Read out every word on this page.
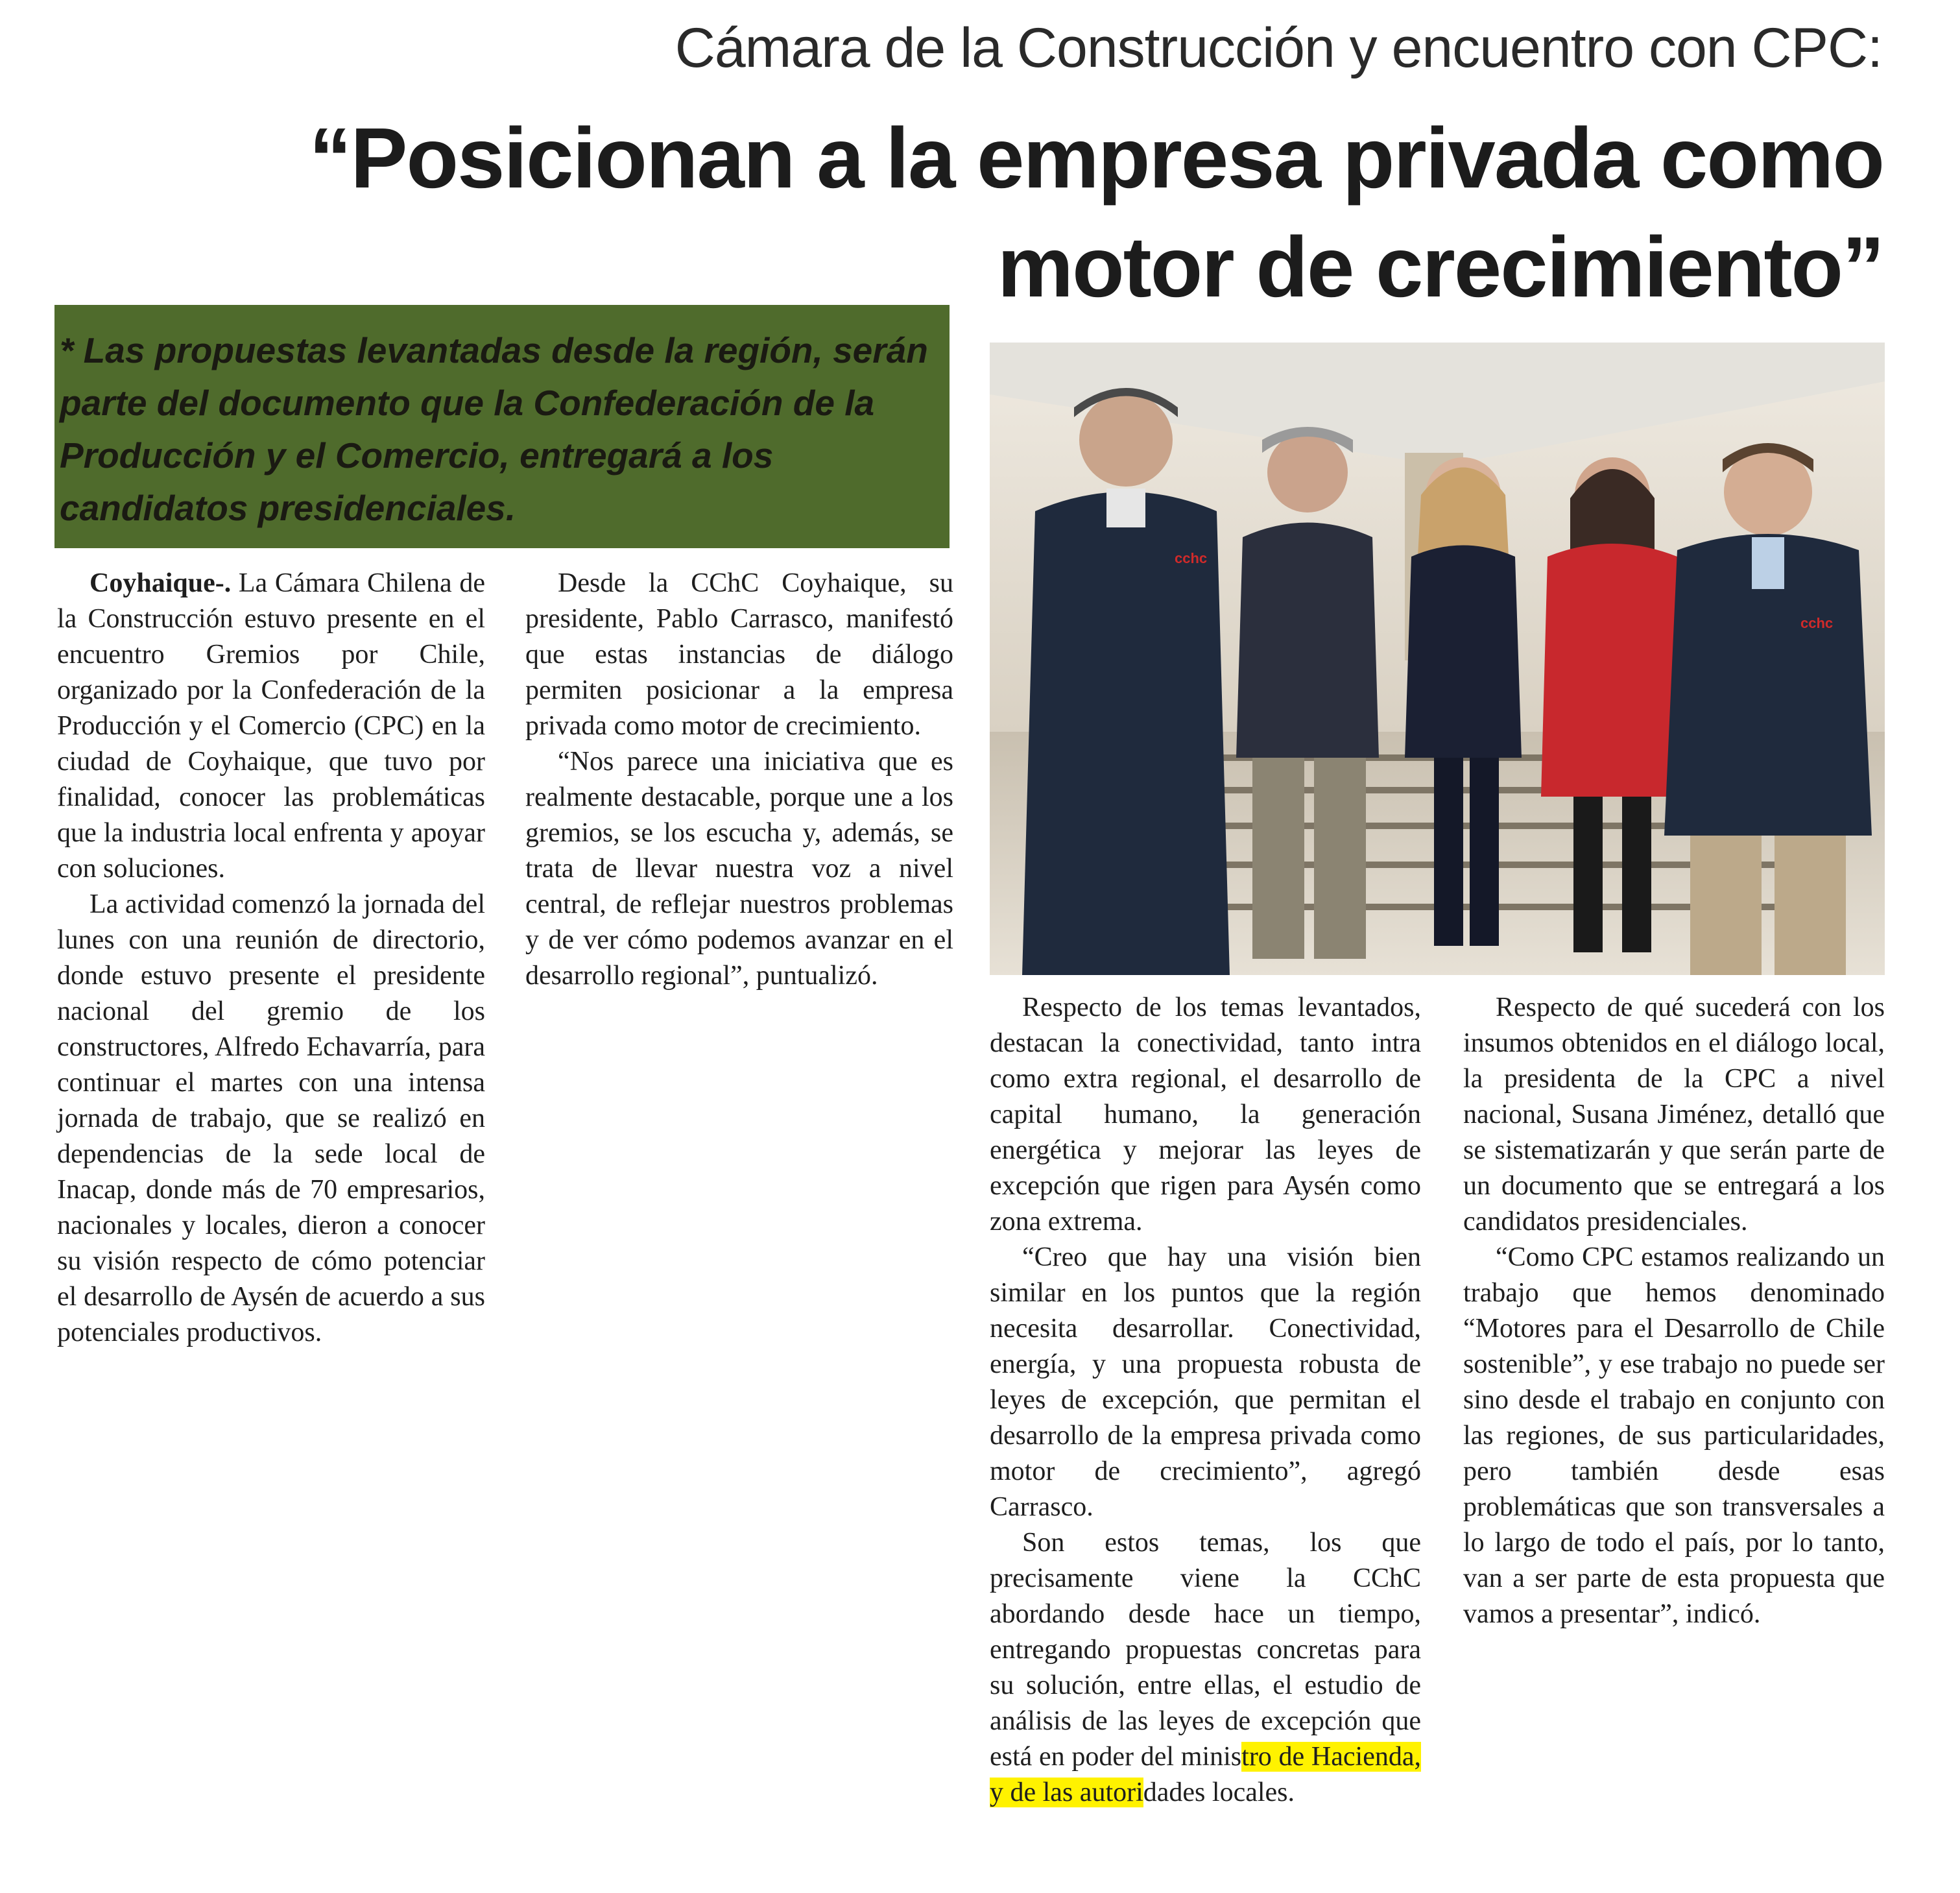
Cámara de la Construcción y encuentro con CPC:
“Posicionan a la empresa privada como motor de crecimiento”
* Las propuestas levantadas desde la región, serán parte del documento que la Confederación de la Producción y el Comercio, entregará a los candidatos presidenciales.
cchc
cchc

Coyhaique-. La Cámara Chilena de la Construcción estuvo presente en el encuentro Gremios por Chile, organizado por la Confederación de la Producción y el Comercio (CPC) en la ciudad de Coyhaique, que tuvo por finalidad, conocer las problemáticas que la industria local enfrenta y apoyar con soluciones.

La actividad comenzó la jornada del lunes con una reunión de directorio, donde estuvo presente el presidente nacional del gremio de los constructores, Alfredo Echavarría, para continuar el martes con una intensa jornada de trabajo, que se realizó en dependencias de la sede local de Inacap, donde más de 70 empresarios, nacionales y locales, dieron a conocer su visión respecto de cómo potenciar el desarrollo de Aysén de acuerdo a sus potenciales productivos.

Desde la CChC Coyhaique, su presidente, Pablo Carrasco, manifestó que estas instancias de diálogo permiten posicionar a la empresa privada como motor de crecimiento.

“Nos parece una iniciativa que es realmente destacable, porque une a los gremios, se los escucha y, además, se trata de llevar nuestra voz a nivel central, de reflejar nuestros problemas y de ver cómo podemos avanzar en el desarrollo regional”, puntualizó.

Respecto de los temas levantados, destacan la conectividad, tanto intra como extra regional, el desarrollo de capital humano, la generación energética y mejorar las leyes de excepción que rigen para Aysén como zona extrema.

“Creo que hay una visión bien similar en los puntos que la región necesita desarrollar. Conectividad, energía, y una propuesta robusta de leyes de excepción, que permitan el desarrollo de la empresa privada como motor de crecimiento”, agregó Carrasco.

Son estos temas, los que precisamente viene la CChC abordando desde hace un tiempo, entregando propuestas concretas para su solución, entre ellas, el estudio de análisis de las leyes de excepción que está en poder del ministro de Hacienda, y de las autoridades locales.

Respecto de qué sucederá con los insumos obtenidos en el diálogo local, la presidenta de la CPC a nivel nacional, Susana Jiménez, detalló que se sistematizarán y que serán parte de un documento que se entregará a los candidatos presidenciales.

“Como CPC estamos realizando un trabajo que hemos denominado “Motores para el Desarrollo de Chile sostenible”, y ese trabajo no puede ser sino desde el trabajo en conjunto con las regiones, de sus particularidades, pero también desde esas problemáticas que son transversales a lo largo de todo el país, por lo tanto, van a ser parte de esta propuesta que vamos a presentar”, indicó.
